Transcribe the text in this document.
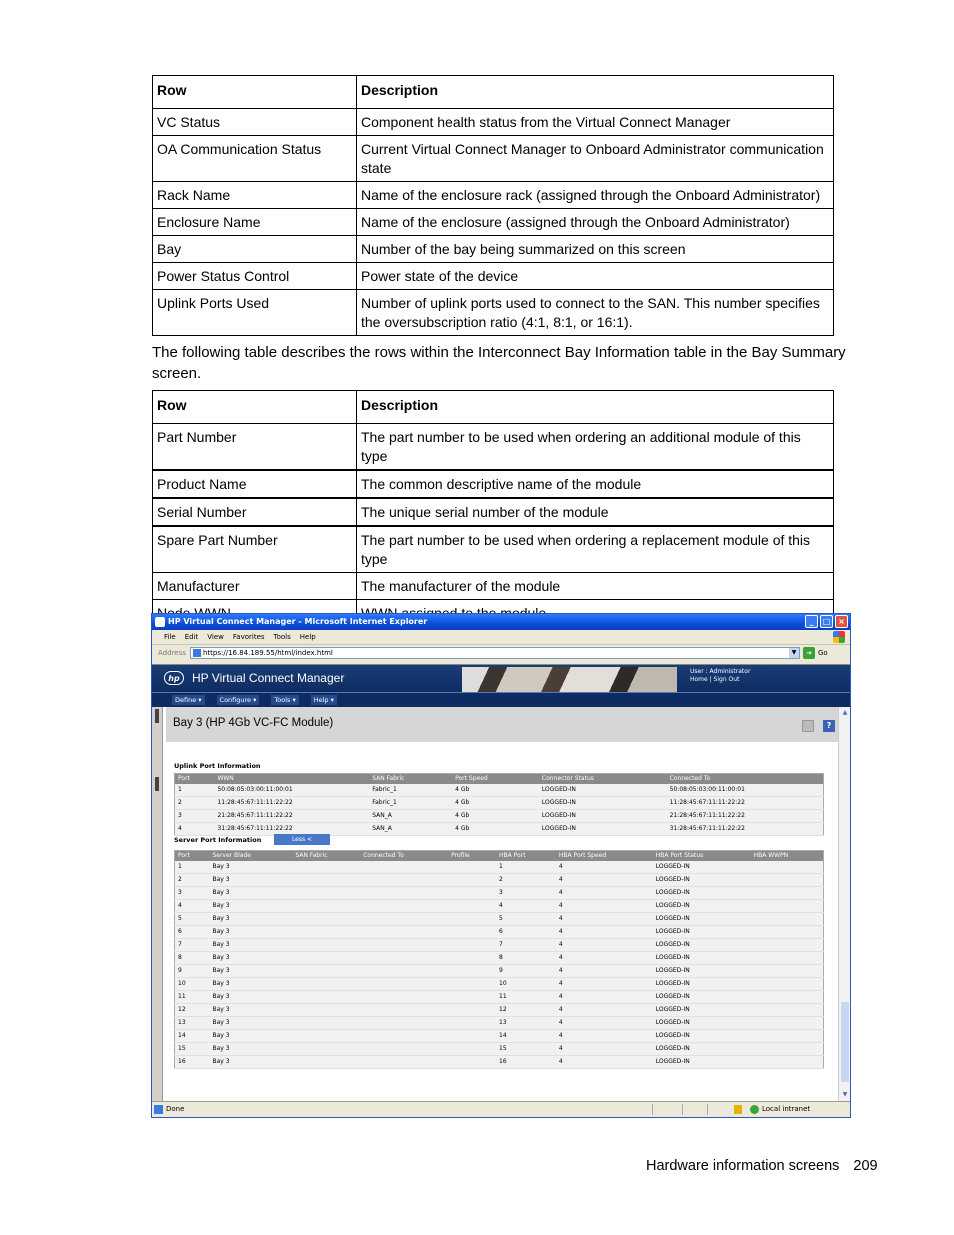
Row	Description
VC Status	Component health status from the Virtual Connect Manager
OA Communication Status	Current Virtual Connect Manager to Onboard Administrator communication state
Rack Name	Name of the enclosure rack (assigned through the Onboard Administrator)
Enclosure Name	Name of the enclosure (assigned through the Onboard Administrator)
Bay	Number of the bay being summarized on this screen
Power Status Control	Power state of the device
Uplink Ports Used	Number of uplink ports used to connect to the SAN. This number specifies the oversubscription ratio (4:1, 8:1, or 16:1).

The following table describes the rows within the Interconnect Bay Information table in the Bay Summary screen.

Row	Description
Part Number	The part number to be used when ordering an additional module of this type
Product Name	The common descriptive name of the module
Serial Number	The unique serial number of the module
Spare Part Number	The part number to be used when ordering a replacement module of this type
Manufacturer	The manufacturer of the module

HP Virtual Connect Manager - Microsoft Internet Explorer	_	□ ×
File Edit View Favorites Tools Help
Address	https://16.84.189.55/html/index.html	▼	➔ Go
hp	HP Virtual Connect Manager	User : Administrator
Home | Sign Out
Define ▾	Configure ▾	Tools ▾	Help ▾
Bay 3 (HP 4Gb VC-FC Module)	?
Uplink Port Information
Port	WWN	SAN Fabric	Port Speed	Connector Status	Connected To
1	50:08:05:03:00:11:00:01	Fabric_1	4 Gb	LOGGED-IN	50:08:05:03:00:11:00:01
2	11:28:45:67:11:11:22:22	Fabric_1	4 Gb	LOGGED-IN	11:28:45:67:11:11:22:22
3	21:28:45:67:11:11:22:22	SAN_A	4 Gb	LOGGED-IN	21:28:45:67:11:11:22:22
4	31:28:45:67:11:11:22:22	SAN_A	4 Gb	LOGGED-IN	31:28:45:67:11:11:22:22
Server Port Information	Less <
Port	Server Blade	SAN Fabric	Connected To	Profile	HBA Port	HBA Port Speed	HBA Port Status	HBA WWPN
1	Bay 3				1	4	LOGGED-IN	
2	Bay 3				2	4	LOGGED-IN	
3	Bay 3				3	4	LOGGED-IN	
4	Bay 3				4	4	LOGGED-IN	
5	Bay 3				5	4	LOGGED-IN	
6	Bay 3				6	4	LOGGED-IN	
7	Bay 3				7	4	LOGGED-IN	
8	Bay 3				8	4	LOGGED-IN	
9	Bay 3				9	4	LOGGED-IN	
10	Bay 3				10	4	LOGGED-IN	
11	Bay 3				11	4	LOGGED-IN	
12	Bay 3				12	4	LOGGED-IN	
13	Bay 3				13	4	LOGGED-IN	
14	Bay 3				14	4	LOGGED-IN	
15	Bay 3				15	4	LOGGED-IN	
16	Bay 3				16	4	LOGGED-IN	
▲
▼
Done	Local intranet
Hardware information screens 209
